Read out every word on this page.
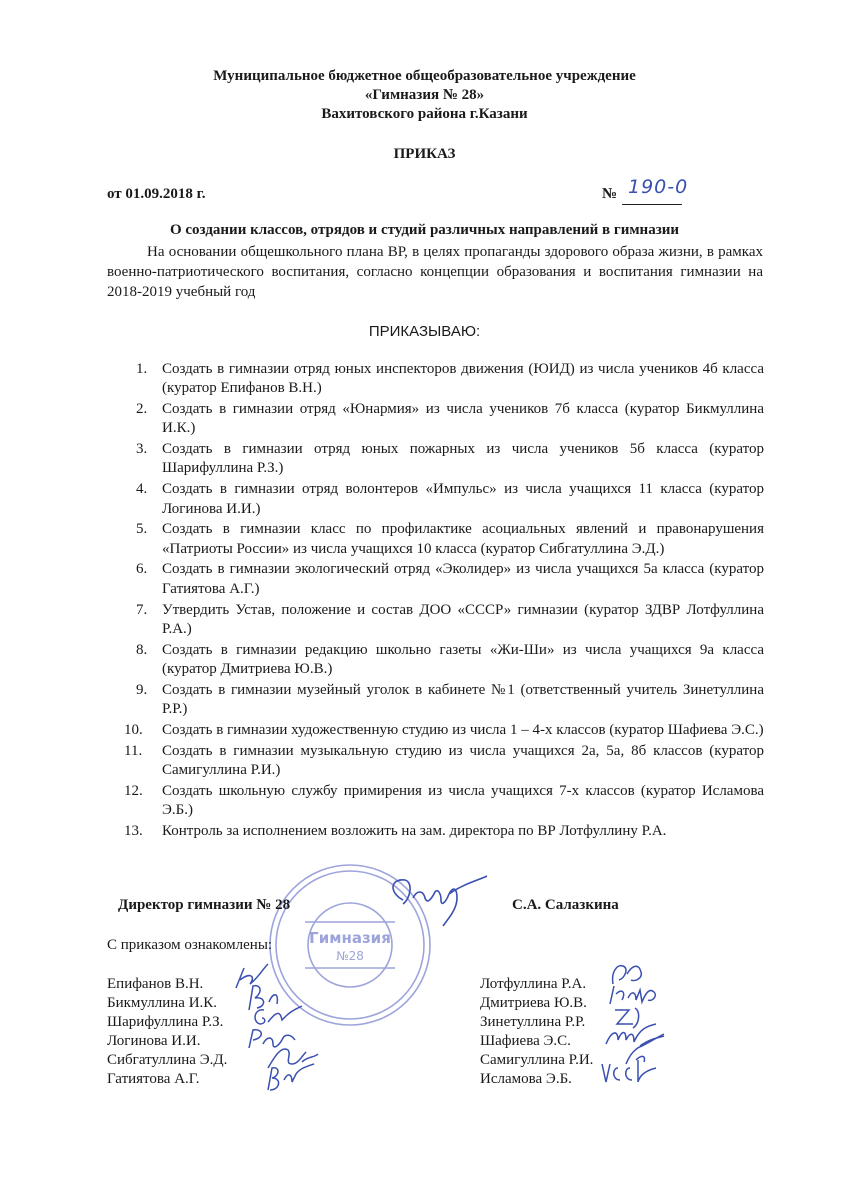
Муниципальное бюджетное общеобразовательное учреждение
«Гимназия № 28»
Вахитовского района г.Казани
ПРИКАЗ
от 01.09.2018 г.	№ 190-0
О создании классов, отрядов и студий различных направлений в гимназии
На основании общешкольного плана ВР, в целях пропаганды здорового образа жизни, в рамках военно-патриотического воспитания, согласно концепции образования и воспитания гимназии на 2018-2019 учебный год
ПРИКАЗЫВАЮ:
1. Создать в гимназии отряд юных инспекторов движения (ЮИД) из числа учеников 4б класса (куратор Епифанов В.Н.)
2. Создать в гимназии отряд «Юнармия» из числа учеников 7б класса (куратор Бикмуллина И.К.)
3. Создать в гимназии отряд юных пожарных из числа учеников 5б класса (куратор Шарифуллина Р.З.)
4. Создать в гимназии отряд волонтеров «Импульс» из числа учащихся 11 класса (куратор Логинова И.И.)
5. Создать в гимназии класс по профилактике асоциальных явлений и правонарушения «Патриоты России» из числа учащихся 10 класса (куратор Сибгатуллина Э.Д.)
6. Создать в гимназии экологический отряд «Эколидер» из числа учащихся 5а класса (куратор Гатиятова А.Г.)
7. Утвердить Устав, положение и состав ДОО «СССР» гимназии (куратор ЗДВР Лотфуллина Р.А.)
8. Создать в гимназии редакцию школьно газеты «Жи-Ши» из числа учащихся 9а класса (куратор Дмитриева Ю.В.)
9. Создать в гимназии музейный уголок в кабинете №1 (ответственный учитель Зинетуллина Р.Р.)
10. Создать в гимназии художественную студию из числа 1 – 4-х классов (куратор Шафиева Э.С.)
11. Создать в гимназии музыкальную студию из числа учащихся 2а, 5а, 8б классов (куратор Самигуллина Р.И.)
12. Создать школьную службу примирения из числа учащихся 7-х классов (куратор Исламова Э.Б.)
13. Контроль за исполнением возложить на зам. директора по ВР Лотфуллину Р.А.
Гимназия
№28
Директор гимназии № 28	С.А. Салазкина
С приказом ознакомлены:
Епифанов В.Н.
Бикмуллина И.К.
Шарифуллина Р.З.
Логинова И.И.
Сибгатуллина Э.Д.
Гатиятова А.Г.
Лотфуллина Р.А.
Дмитриева Ю.В.
Зинетуллина Р.Р.
Шафиева Э.С.
Самигуллина Р.И.
Исламова Э.Б.
